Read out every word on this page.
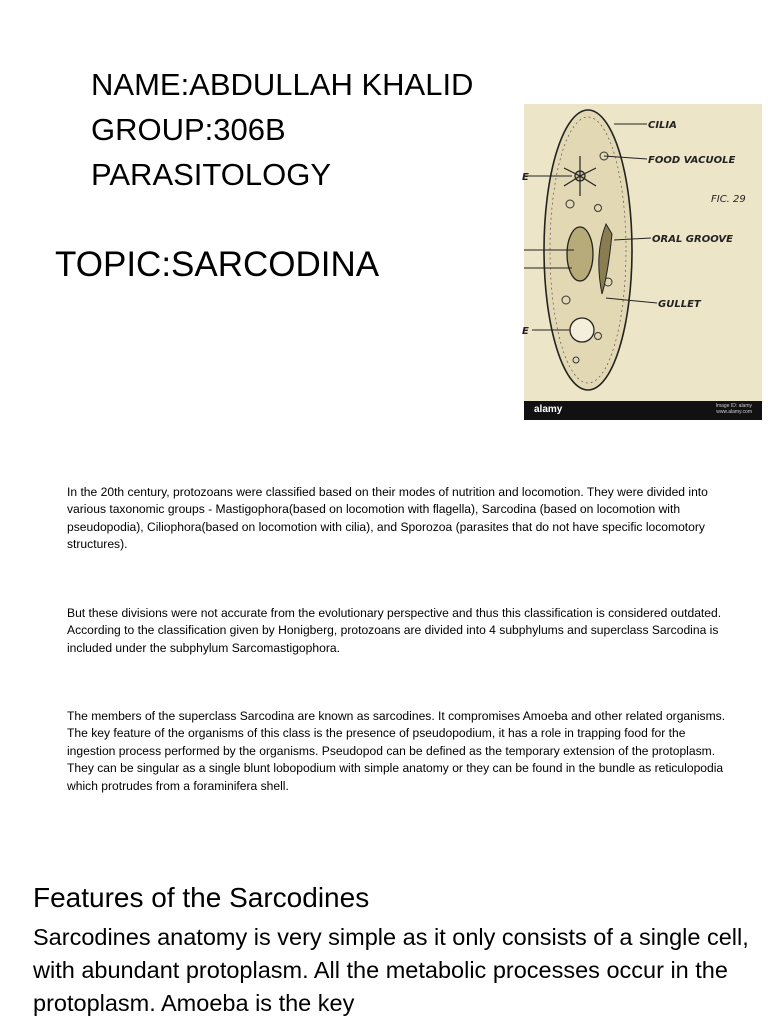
NAME:ABDULLAH KHALID
GROUP:306B
PARASITOLOGY
TOPIC:SARCODINA
CILIA
FOOD VACUOLE
FIC. 29
ORAL GROOVE
GULLET
E
E
alamy	Image ID: alamy
www.alamy.com

In the 20th century, protozoans were classified based on their modes of nutrition and locomotion. They were divided into various taxonomic groups - Mastigophora(based on locomotion with flagella), Sarcodina (based on locomotion with pseudopodia), Ciliophora(based on locomotion with cilia), and Sporozoa (parasites that do not have specific locomotory structures).

But these divisions were not accurate from the evolutionary perspective and thus this classification is considered outdated. According to the classification given by Honigberg, protozoans are divided into 4 subphylums and superclass Sarcodina is included under the subphylum Sarcomastigophora.

The members of the superclass Sarcodina are known as sarcodines. It compromises Amoeba and other related organisms. The key feature of the organisms of this class is the presence of pseudopodium, it has a role in trapping food for the ingestion process performed by the organisms. Pseudopod can be defined as the temporary extension of the protoplasm. They can be singular as a single blunt lobopodium with simple anatomy or they can be found in the bundle as reticulopodia which protrudes from a foraminifera shell.

Features of the Sarcodines

Sarcodines anatomy is very simple as it only consists of a single cell, with abundant protoplasm. All the metabolic processes occur in the protoplasm. Amoeba is the key
